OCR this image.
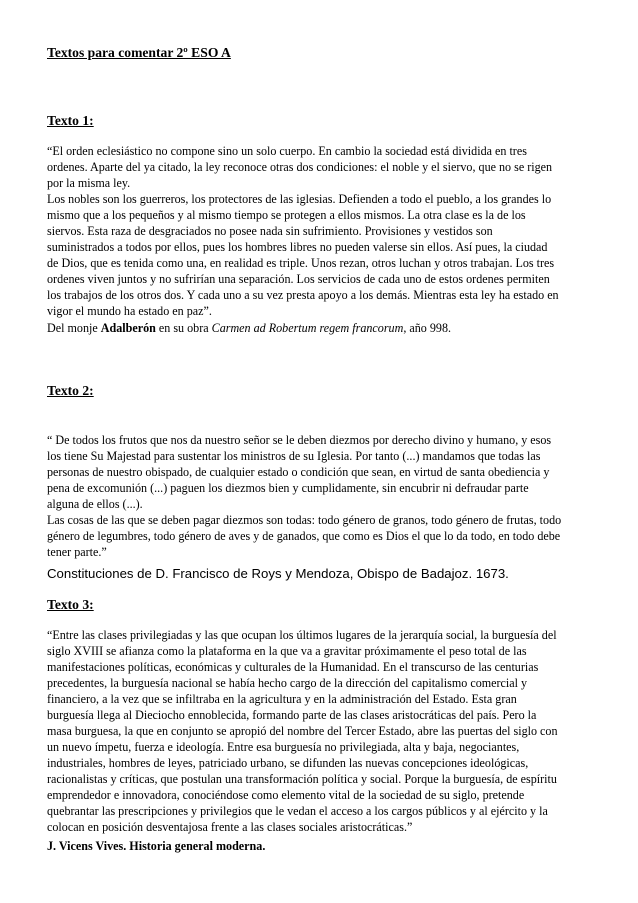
Textos para comentar 2º ESO A
Texto 1:
“El orden eclesiástico no compone sino un solo cuerpo. En cambio la sociedad está dividida en tres
ordenes. Aparte del ya citado, la ley reconoce otras dos condiciones: el noble y el siervo, que no se rigen
por la misma ley.
Los nobles son los guerreros, los protectores de las iglesias. Defienden a todo el pueblo, a los grandes lo
mismo que a los pequeños y al mismo tiempo se protegen a ellos mismos. La otra clase es la de los
siervos. Esta raza de desgraciados no posee nada sin sufrimiento. Provisiones y vestidos son
suministrados a todos por ellos, pues los hombres libres no pueden valerse sin ellos. Así pues, la ciudad
de Dios, que es tenida como una, en realidad es triple. Unos rezan, otros luchan y otros trabajan. Los tres
ordenes viven juntos y no sufrirían una separación. Los servicios de cada uno de estos ordenes permiten
los trabajos de los otros dos. Y cada uno a su vez presta apoyo a los demás. Mientras esta ley ha estado en
vigor el mundo ha estado en paz”.
Del monje Adalberón en su obra Carmen ad Robertum regem francorum, año 998.
Texto 2:
“ De todos los frutos que nos da nuestro señor se le deben diezmos por derecho divino y humano, y esos
los tiene Su Majestad para sustentar los ministros de su Iglesia. Por tanto (...) mandamos que todas las
personas de nuestro obispado, de cualquier estado o condición que sean, en virtud de santa obediencia y
pena de excomunión (...) paguen los diezmos bien y cumplidamente, sin encubrir ni defraudar parte
alguna de ellos (...).
Las cosas de las que se deben pagar diezmos son todas: todo género de granos, todo género de frutas, todo
género de legumbres, todo género de aves y de ganados, que como es Dios el que lo da todo, en todo debe
tener parte.”
Constituciones de D. Francisco de Roys y Mendoza, Obispo de Badajoz. 1673.
Texto 3:
“Entre las clases privilegiadas y las que ocupan los últimos lugares de la jerarquía social, la burguesía del
siglo XVIII se afianza como la plataforma en la que va a gravitar próximamente el peso total de las
manifestaciones políticas, económicas y culturales de la Humanidad. En el transcurso de las centurias
precedentes, la burguesía nacional se había hecho cargo de la dirección del capitalismo comercial y
financiero, a la vez que se infiltraba en la agricultura y en la administración del Estado. Esta gran
burguesía llega al Dieciocho ennoblecida, formando parte de las clases aristocráticas del país. Pero la
masa burguesa, la que en conjunto se apropió del nombre del Tercer Estado, abre las puertas del siglo con
un nuevo ímpetu, fuerza e ideología. Entre esa burguesía no privilegiada, alta y baja, negociantes,
industriales, hombres de leyes, patriciado urbano, se difunden las nuevas concepciones ideológicas,
racionalistas y críticas, que postulan una transformación política y social. Porque la burguesía, de espíritu
emprendedor e innovadora, conociéndose como elemento vital de la sociedad de su siglo, pretende
quebrantar las prescripciones y privilegios que le vedan el acceso a los cargos públicos y al ejército y la
colocan en posición desventajosa frente a las clases sociales aristocráticas.”
J. Vicens Vives. Historia general moderna.
